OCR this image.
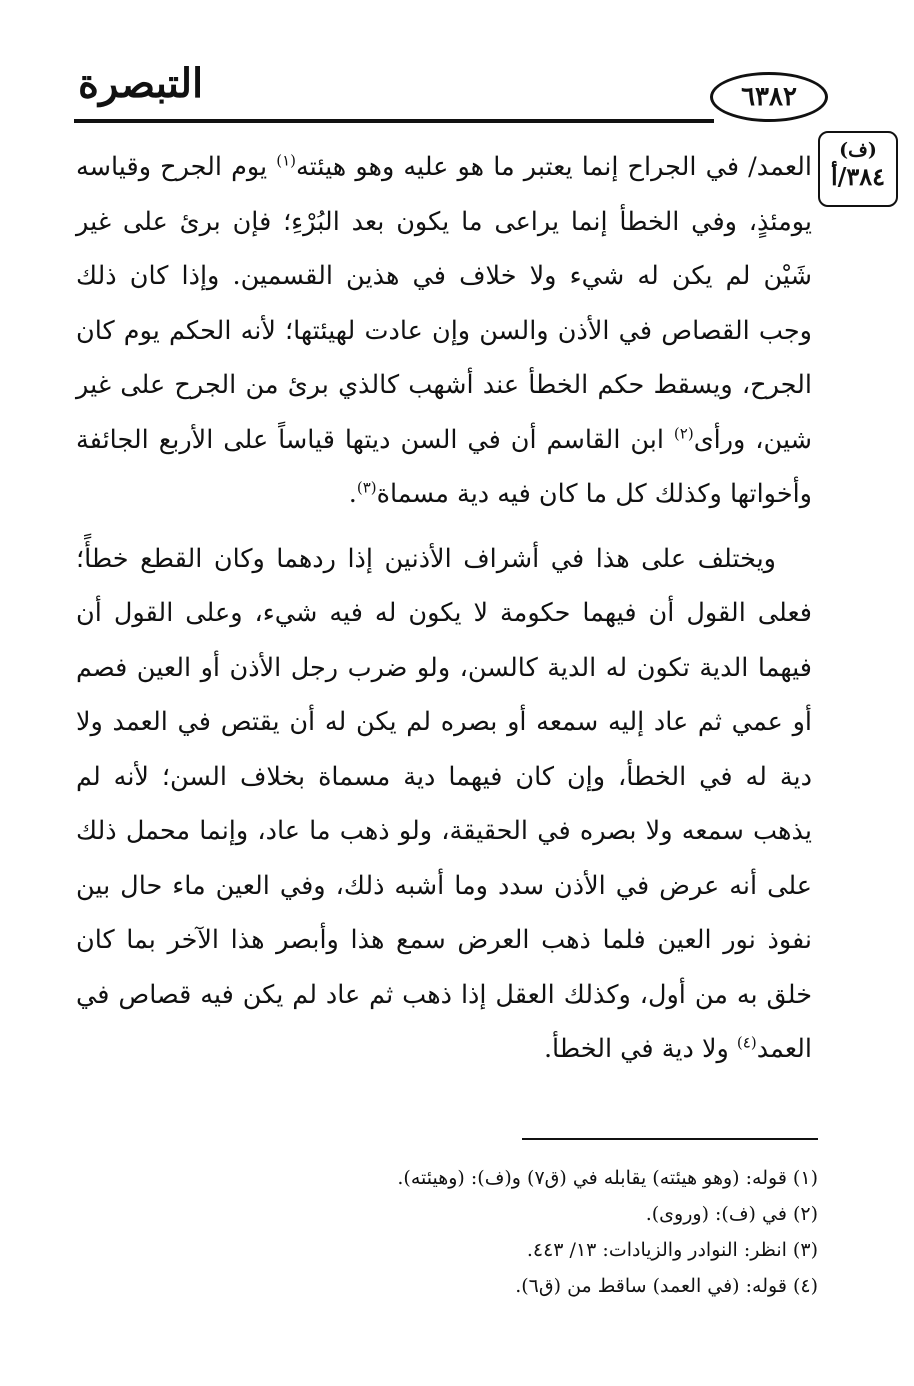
التبصرة	٦٣٨٢
(ف)
٣٨٤/أ

العمد/ في الجراح إنما يعتبر ما هو عليه وهو هيئته$^{(١)}$ يوم الجرح وقياسه يومئذٍ، وفي الخطأ إنما يراعى ما يكون بعد البُرْءِ؛ فإن برئ على غير شَيْن لم يكن له شيء ولا خلاف في هذين القسمين. وإذا كان ذلك وجب القصاص في الأذن والسن وإن عادت لهيئتها؛ لأنه الحكم يوم كان الجرح، ويسقط حكم الخطأ عند أشهب كالذي برئ من الجرح على غير شين، ورأى$^{(٢)}$ ابن القاسم أن في السن ديتها قياساً على الأربع الجائفة وأخواتها وكذلك كل ما كان فيه دية مسماة$^{(٣)}$.

ويختلف على هذا في أشراف الأذنين إذا ردهما وكان القطع خطأً؛ فعلى القول أن فيهما حكومة لا يكون له فيه شيء، وعلى القول أن فيهما الدية تكون له الدية كالسن، ولو ضرب رجل الأذن أو العين فصم أو عمي ثم عاد إليه سمعه أو بصره لم يكن له أن يقتص في العمد ولا دية له في الخطأ، وإن كان فيهما دية مسماة بخلاف السن؛ لأنه لم يذهب سمعه ولا بصره في الحقيقة، ولو ذهب ما عاد، وإنما محمل ذلك على أنه عرض في الأذن سدد وما أشبه ذلك، وفي العين ماء حال بين نفوذ نور العين فلما ذهب العرض سمع هذا وأبصر هذا الآخر بما كان خلق به من أول، وكذلك العقل إذا ذهب ثم عاد لم يكن فيه قصاص في العمد$^{(٤)}$ ولا دية في الخطأ.

(١) قوله: (وهو هيئته) يقابله في (ق٧) و(ف): (وهيئته).
(٢) في (ف): (وروى).
(٣) انظر: النوادر والزيادات: ١٣/ ٤٤٣.
(٤) قوله: (في العمد) ساقط من (ق٦).
